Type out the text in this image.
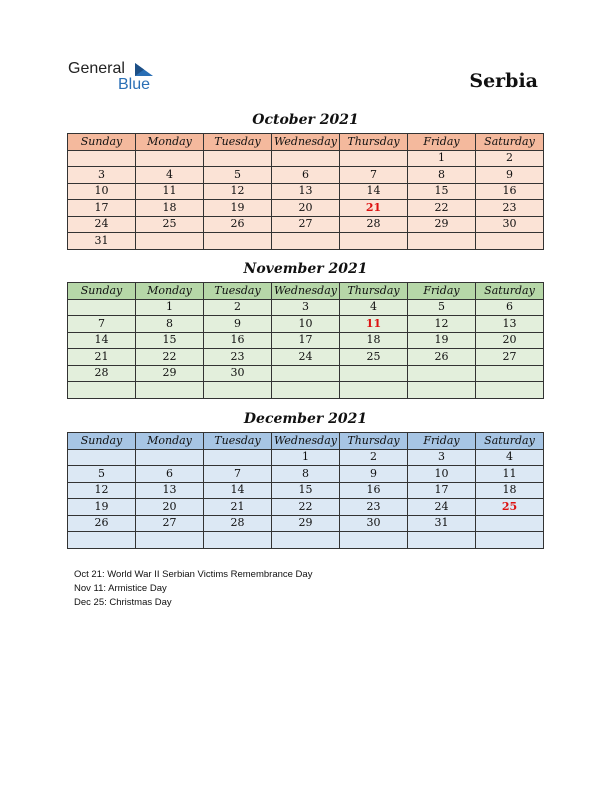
General
Blue	Serbia
October 2021
Sunday	Monday	Tuesday	Wednesday	Thursday	Friday	Saturday
					1	2
3	4	5	6	7	8	9
10	11	12	13	14	15	16
17	18	19	20	21	22	23
24	25	26	27	28	29	30
31						
November 2021
Sunday	Monday	Tuesday	Wednesday	Thursday	Friday	Saturday
	1	2	3	4	5	6
7	8	9	10	11	12	13
14	15	16	17	18	19	20
21	22	23	24	25	26	27
28	29	30				

December 2021
Sunday	Monday	Tuesday	Wednesday	Thursday	Friday	Saturday
			1	2	3	4
5	6	7	8	9	10	11
12	13	14	15	16	17	18
19	20	21	22	23	24	25
26	27	28	29	30	31	

Oct 21: World War II Serbian Victims Remembrance Day
Nov 11: Armistice Day
Dec 25: Christmas Day
